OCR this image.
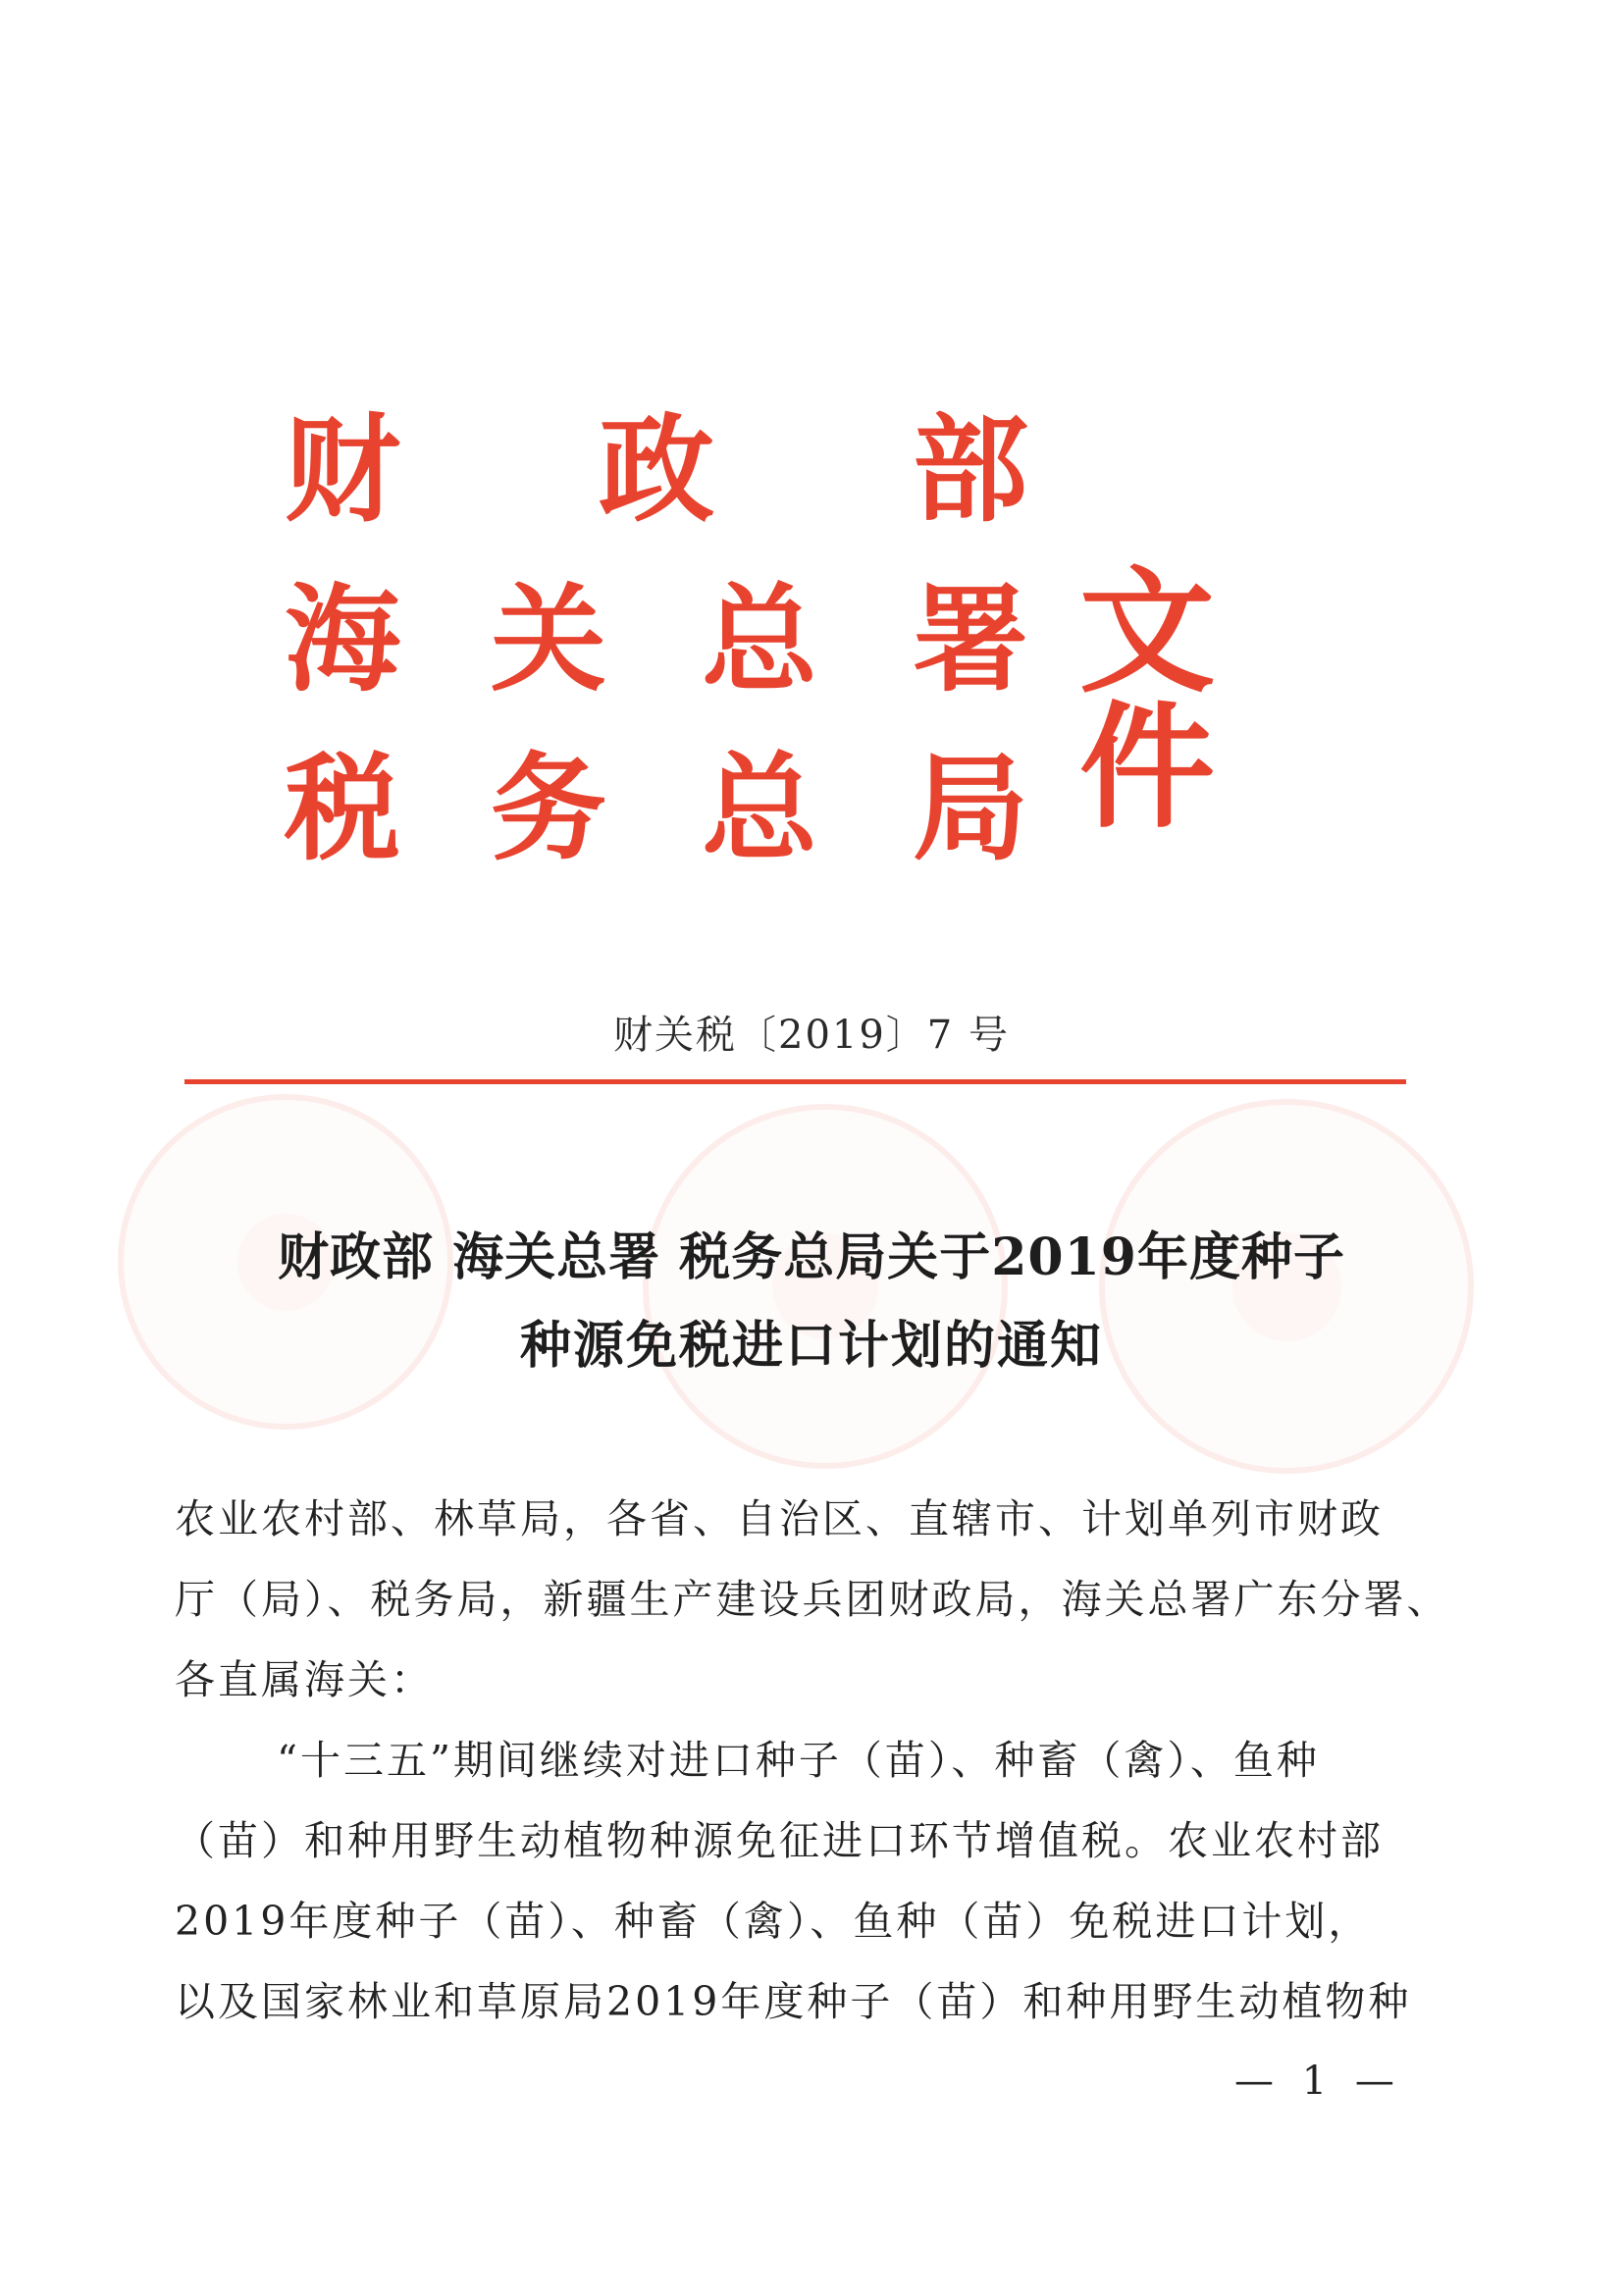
财 政 部
海 关 总 署
税 务 总 局
文件
财关税〔2019〕7 号
财政部 海关总署 税务总局关于2019年度种子
种源免税进口计划的通知
农业农村部、林草局，各省、自治区、直辖市、计划单列市财政
厅（局）、税务局，新疆生产建设兵团财政局，海关总署广东分署、
各直属海关：
“十三五”期间继续对进口种子（苗）、种畜（禽）、鱼种
（苗）和种用野生动植物种源免征进口环节增值税。农业农村部
2019年度种子（苗）、种畜（禽）、鱼种（苗）免税进口计划，
以及国家林业和草原局2019年度种子（苗）和种用野生动植物种
— 1 —
